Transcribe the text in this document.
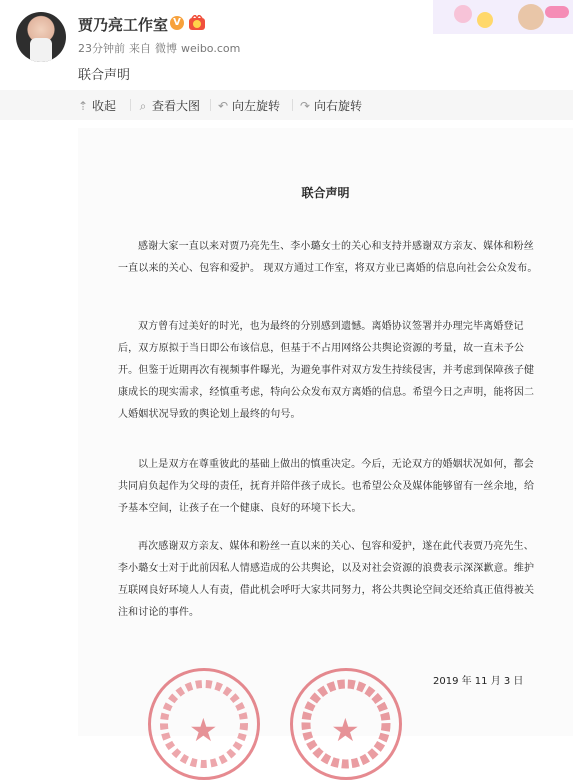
贾乃亮工作室 V
23分钟前 来自 微博 weibo.com
联合声明
⇡ 收起	⌕ 查看大图 ↶ 向左旋转 ↷ 向右旋转
联合声明
感谢大家一直以来对贾乃亮先生、李小璐女士的关心和支持并感谢双方亲友、媒体和粉丝一直以来的关心、包容和爱护。 现双方通过工作室，将双方业已离婚的信息向社会公众发布。
双方曾有过美好的时光，也为最终的分别感到遗憾。离婚协议签署并办理完毕离婚登记后，双方原拟于当日即公布该信息，但基于不占用网络公共舆论资源的考量，故一直未予公开。但鉴于近期再次有视频事件曝光，为避免事件对双方发生持续侵害，并考虑到保障孩子健康成长的现实需求，经慎重考虑，特向公众发布双方离婚的信息。希望今日之声明，能将因二人婚姻状况导致的舆论划上最终的句号。
以上是双方在尊重彼此的基础上做出的慎重决定。今后，无论双方的婚姻状况如何，都会共同肩负起作为父母的责任，抚育并陪伴孩子成长。也希望公众及媒体能够留有一丝余地，给予基本空间，让孩子在一个健康、良好的环境下长大。
再次感谢双方亲友、媒体和粉丝一直以来的关心、包容和爱护，遂在此代表贾乃亮先生、李小璐女士对于此前因私人情感造成的公共舆论，以及对社会资源的浪费表示深深歉意。维护互联网良好环境人人有责，借此机会呼吁大家共同努力，将公共舆论空间交还给真正值得被关注和讨论的事件。
2019 年 11 月 3 日
★	★
